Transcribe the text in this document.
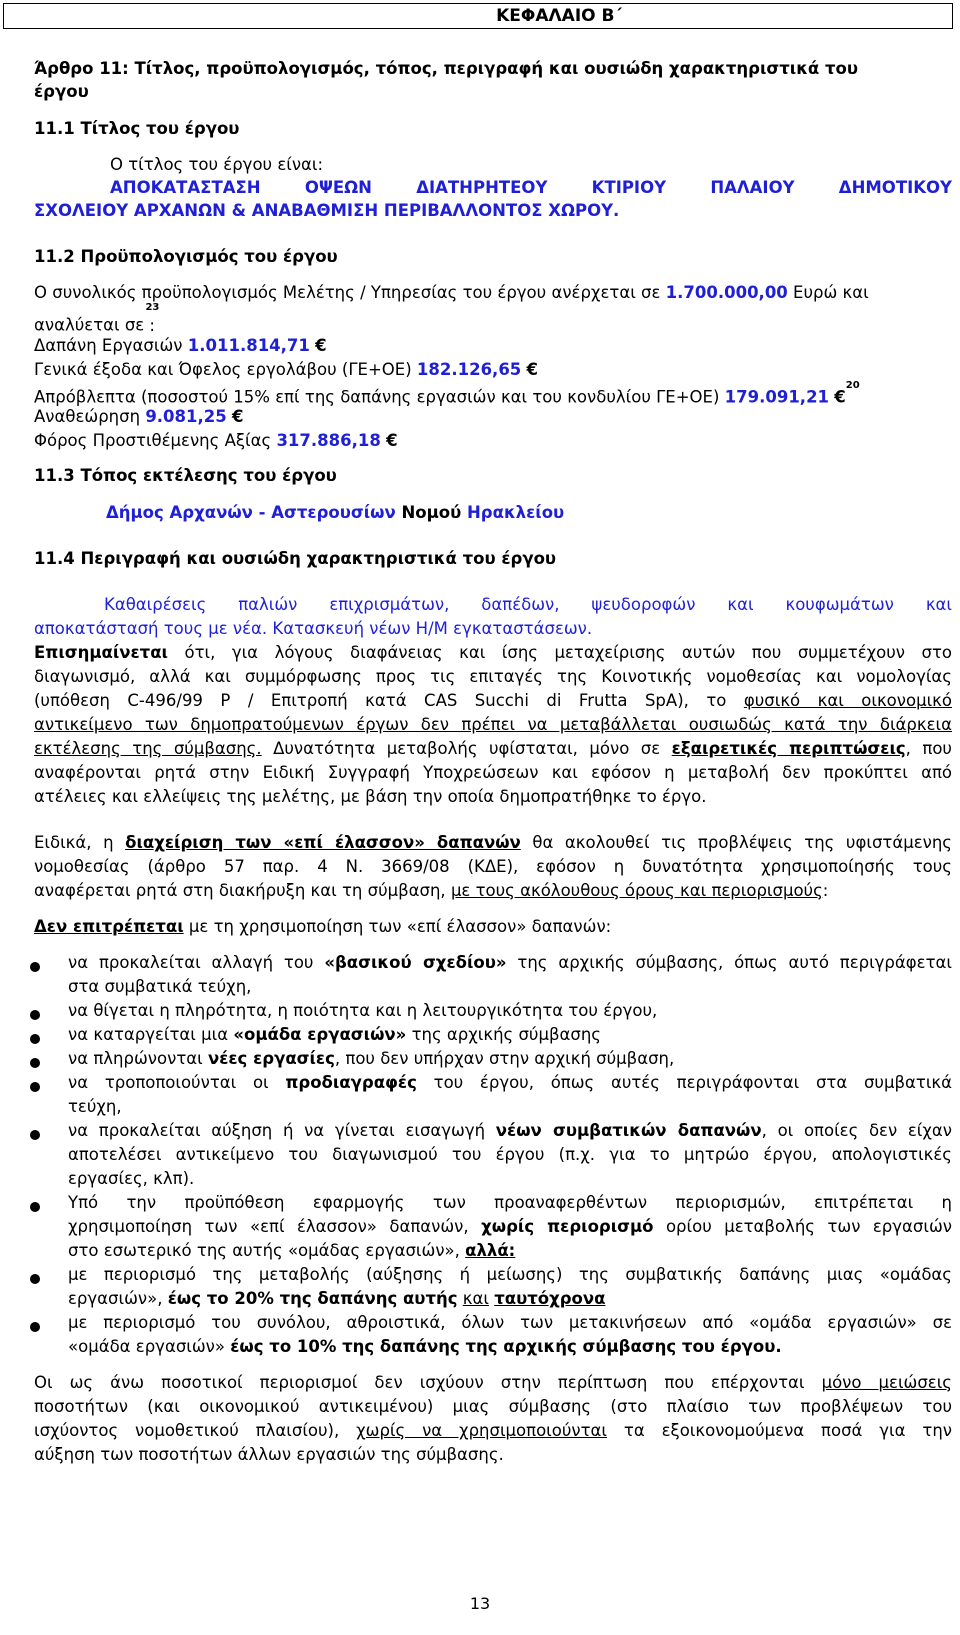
ΚΕΦΑΛΑΙΟ Β΄
Άρθρο 11: Τίτλος, προϋπολογισμός, τόπος, περιγραφή και ουσιώδη χαρακτηριστικά του
έργου
11.1 Τίτλος του έργου
Ο τίτλος του έργου είναι:
ΑΠΟΚΑΤΑΣΤΑΣΗ ΟΨΕΩΝ ΔΙΑΤΗΡΗΤΕΟΥ ΚΤΙΡΙΟΥ ΠΑΛΑΙΟΥ ΔΗΜΟΤΙΚΟΥ
ΣΧΟΛΕΙΟΥ ΑΡΧΑΝΩΝ & ΑΝΑΒΑΘΜΙΣΗ ΠΕΡΙΒΑΛΛΟΝΤΟΣ ΧΩΡΟΥ.
11.2 Προϋπολογισμός του έργου
Ο συνολικός προϋπολογισμός Μελέτης / Υπηρεσίας του έργου ανέρχεται σε 1.700.000,00 Ευρώ και
αναλύεται σε $^{23}$:
Δαπάνη Εργασιών 1.011.814,71 €
Γενικά έξοδα και Όφελος εργολάβου (ΓΕ+ΟΕ) 182.126,65 €
Απρόβλεπτα (ποσοστού 15% επί της δαπάνης εργασιών και του κονδυλίου ΓΕ+ΟΕ) 179.091,21 €$^{20}$
Αναθεώρηση 9.081,25 €
Φόρος Προστιθέμενης Αξίας 317.886,18 €
11.3 Τόπος εκτέλεσης του έργου
Δήμος Αρχανών - Αστερουσίων Νομού Ηρακλείου
11.4 Περιγραφή και ουσιώδη χαρακτηριστικά του έργου
Καθαιρέσεις παλιών επιχρισμάτων, δαπέδων, ψευδοροφών και κουφωμάτων και
αποκατάστασή τους με νέα. Κατασκευή νέων Η/Μ εγκαταστάσεων.
Επισημαίνεται ότι, για λόγους διαφάνειας και ίσης μεταχείρισης αυτών που συμμετέχουν στο
διαγωνισμό, αλλά και συμμόρφωσης προς τις επιταγές της Κοινοτικής νομοθεσίας και νομολογίας
(υπόθεση C-496/99 Ρ / Επιτροπή κατά CAS Succhi di Frutta SpA), το φυσικό και οικονομικό
αντικείμενο των δημοπρατούμενων έργων δεν πρέπει να μεταβάλλεται ουσιωδώς κατά την διάρκεια
εκτέλεσης της σύμβασης. Δυνατότητα μεταβολής υφίσταται, μόνο σε εξαιρετικές περιπτώσεις, που
αναφέρονται ρητά στην Ειδική Συγγραφή Υποχρεώσεων και εφόσον η μεταβολή δεν προκύπτει από
ατέλειες και ελλείψεις της μελέτης, με βάση την οποία δημοπρατήθηκε το έργο.
Ειδικά, η διαχείριση των «επί έλασσον» δαπανών θα ακολουθεί τις προβλέψεις της υφιστάμενης
νομοθεσίας (άρθρο 57 παρ. 4 Ν. 3669/08 (ΚΔΕ), εφόσον η δυνατότητα χρησιμοποίησής τους
αναφέρεται ρητά στη διακήρυξη και τη σύμβαση, με τους ακόλουθους όρους και περιορισμούς:
Δεν επιτρέπεται με τη χρησιμοποίηση των «επί έλασσον» δαπανών:
να προκαλείται αλλαγή του «βασικού σχεδίου» της αρχικής σύμβασης, όπως αυτό περιγράφεται
στα συμβατικά τεύχη,
να θίγεται η πληρότητα, η ποιότητα και η λειτουργικότητα του έργου,
να καταργείται μια «ομάδα εργασιών» της αρχικής σύμβασης
να πληρώνονται νέες εργασίες, που δεν υπήρχαν στην αρχική σύμβαση,
να τροποποιούνται οι προδιαγραφές του έργου, όπως αυτές περιγράφονται στα συμβατικά
τεύχη,
να προκαλείται αύξηση ή να γίνεται εισαγωγή νέων συμβατικών δαπανών, οι οποίες δεν είχαν
αποτελέσει αντικείμενο του διαγωνισμού του έργου (π.χ. για το μητρώο έργου, απολογιστικές
εργασίες, κλπ).
Υπό την προϋπόθεση εφαρμογής των προαναφερθέντων περιορισμών, επιτρέπεται η
χρησιμοποίηση των «επί έλασσον» δαπανών, χωρίς περιορισμό ορίου μεταβολής των εργασιών
στο εσωτερικό της αυτής «ομάδας εργασιών», αλλά:
με περιορισμό της μεταβολής (αύξησης ή μείωσης) της συμβατικής δαπάνης μιας «ομάδας
εργασιών», έως το 20% της δαπάνης αυτής και ταυτόχρονα
με περιορισμό του συνόλου, αθροιστικά, όλων των μετακινήσεων από «ομάδα εργασιών» σε
«ομάδα εργασιών» έως το 10% της δαπάνης της αρχικής σύμβασης του έργου.
Οι ως άνω ποσοτικοί περιορισμοί δεν ισχύουν στην περίπτωση που επέρχονται μόνο μειώσεις
ποσοτήτων (και οικονομικού αντικειμένου) μιας σύμβασης (στο πλαίσιο των προβλέψεων του
ισχύοντος νομοθετικού πλαισίου), χωρίς να χρησιμοποιούνται τα εξοικονομούμενα ποσά για την
αύξηση των ποσοτήτων άλλων εργασιών της σύμβασης.
13
